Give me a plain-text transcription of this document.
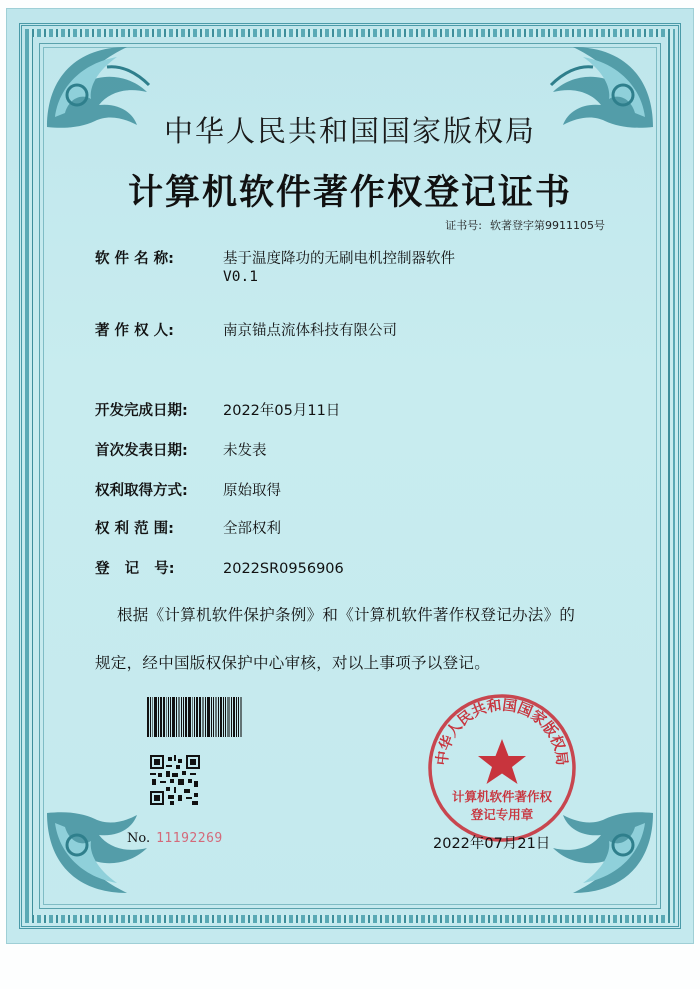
中华人民共和国国家版权局
计算机软件著作权登记证书
证书号: 软著登字第9911105号
软 件 名 称:	基于温度降功的无刷电机控制器软件
V0.1
著 作 权 人:	南京锚点流体科技有限公司
开发完成日期: 2022年05月11日
首次发表日期: 未发表
权利取得方式: 原始取得
权 利 范 围:	全部权利
登   记   号:	2022SR0956906
根据《计算机软件保护条例》和《计算机软件著作权登记办法》的
规定，经中国版权保护中心审核，对以上事项予以登记。
No. 11192269
中华人民共和国国家版权局
计算机软件著作权
登记专用章
2022年07月21日
